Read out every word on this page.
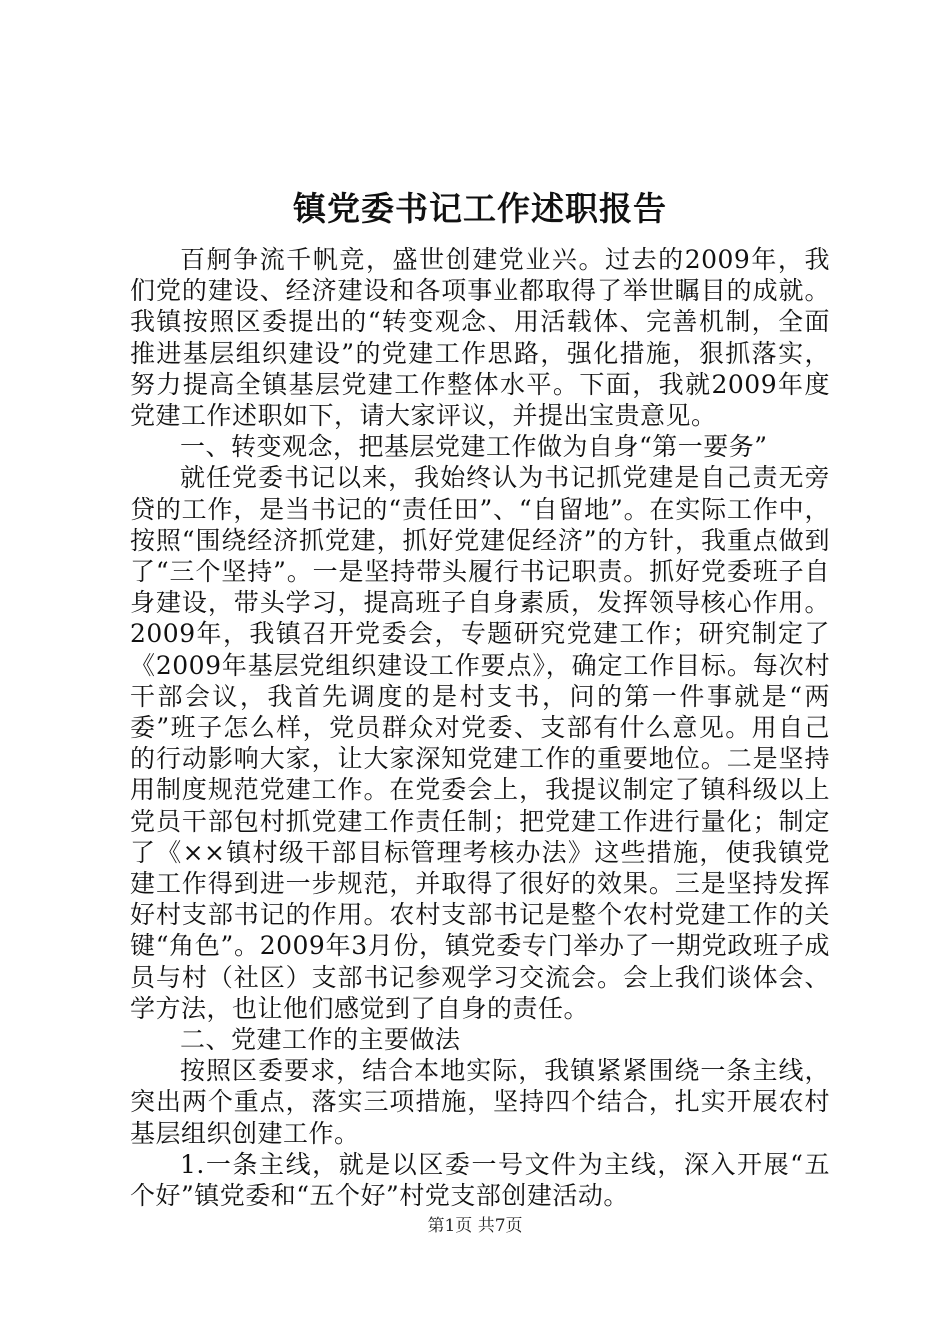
镇党委书记工作述职报告

百舸争流千帆竞，盛世创建党业兴。过去的2009年，我们党的建设、经济建设和各项事业都取得了举世瞩目的成就。我镇按照区委提出的“转变观念、用活载体、完善机制，全面推进基层组织建设”的党建工作思路，强化措施，狠抓落实，努力提高全镇基层党建工作整体水平。下面，我就2009年度党建工作述职如下，请大家评议，并提出宝贵意见。

一、转变观念，把基层党建工作做为自身“第一要务”

就任党委书记以来，我始终认为书记抓党建是自己责无旁贷的工作，是当书记的“责任田”、“自留地”。在实际工作中，按照“围绕经济抓党建，抓好党建促经济”的方针，我重点做到了“三个坚持”。一是坚持带头履行书记职责。抓好党委班子自身建设，带头学习，提高班子自身素质，发挥领导核心作用。2009年，我镇召开党委会，专题研究党建工作；研究制定了《2009年基层党组织建设工作要点》，确定工作目标。每次村干部会议，我首先调度的是村支书，问的第一件事就是“两委”班子怎么样，党员群众对党委、支部有什么意见。用自己的行动影响大家，让大家深知党建工作的重要地位。二是坚持用制度规范党建工作。在党委会上，我提议制定了镇科级以上党员干部包村抓党建工作责任制；把党建工作进行量化；制定了《××镇村级干部目标管理考核办法》这些措施，使我镇党建工作得到进一步规范，并取得了很好的效果。三是坚持发挥好村支部书记的作用。农村支部书记是整个农村党建工作的关键“角色”。2009年3月份，镇党委专门举办了一期党政班子成员与村（社区）支部书记参观学习交流会。会上我们谈体会、学方法，也让他们感觉到了自身的责任。

二、党建工作的主要做法

按照区委要求，结合本地实际，我镇紧紧围绕一条主线，突出两个重点，落实三项措施，坚持四个结合，扎实开展农村基层组织创建工作。

1.一条主线，就是以区委一号文件为主线，深入开展“五个好”镇党委和“五个好”村党支部创建活动。

第1页 共7页
